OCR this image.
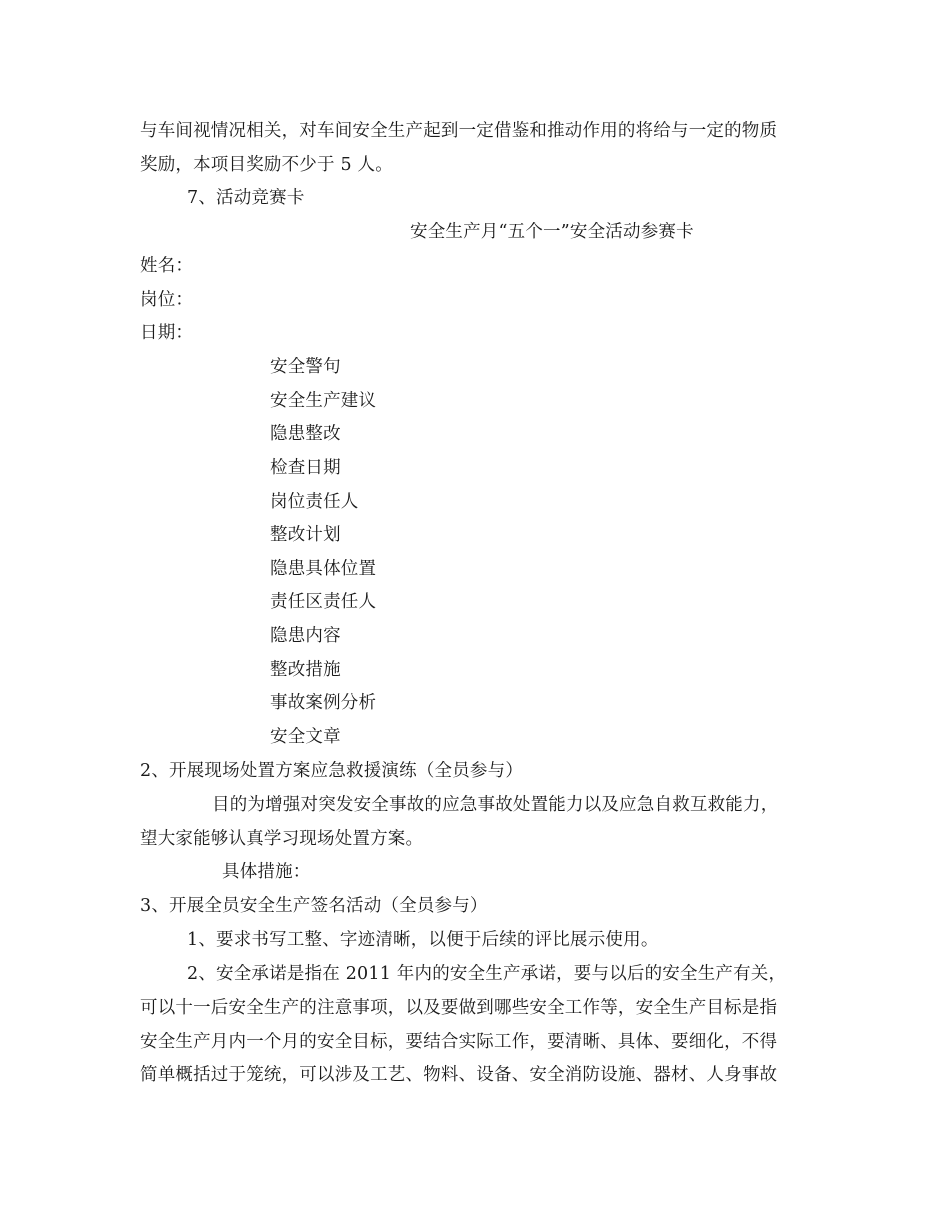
与车间视情况相关，对车间安全生产起到一定借鉴和推动作用的将给与一定的物质
奖励，本项目奖励不少于 5 人。
7、活动竞赛卡
安全生产月“五个一”安全活动参赛卡
姓名：
岗位：
日期：
安全警句
安全生产建议
隐患整改
检查日期
岗位责任人
整改计划
隐患具体位置
责任区责任人
隐患内容
整改措施
事故案例分析
安全文章
2、开展现场处置方案应急救援演练（全员参与）
目的为增强对突发安全事故的应急事故处置能力以及应急自救互救能力，
望大家能够认真学习现场处置方案。
具体措施：
3、开展全员安全生产签名活动（全员参与）
1、要求书写工整、字迹清晰，以便于后续的评比展示使用。
2、安全承诺是指在 2011 年内的安全生产承诺，要与以后的安全生产有关，
可以十一后安全生产的注意事项，以及要做到哪些安全工作等，安全生产目标是指
安全生产月内一个月的安全目标，要结合实际工作，要清晰、具体、要细化，不得
简单概括过于笼统，可以涉及工艺、物料、设备、安全消防设施、器材、人身事故
